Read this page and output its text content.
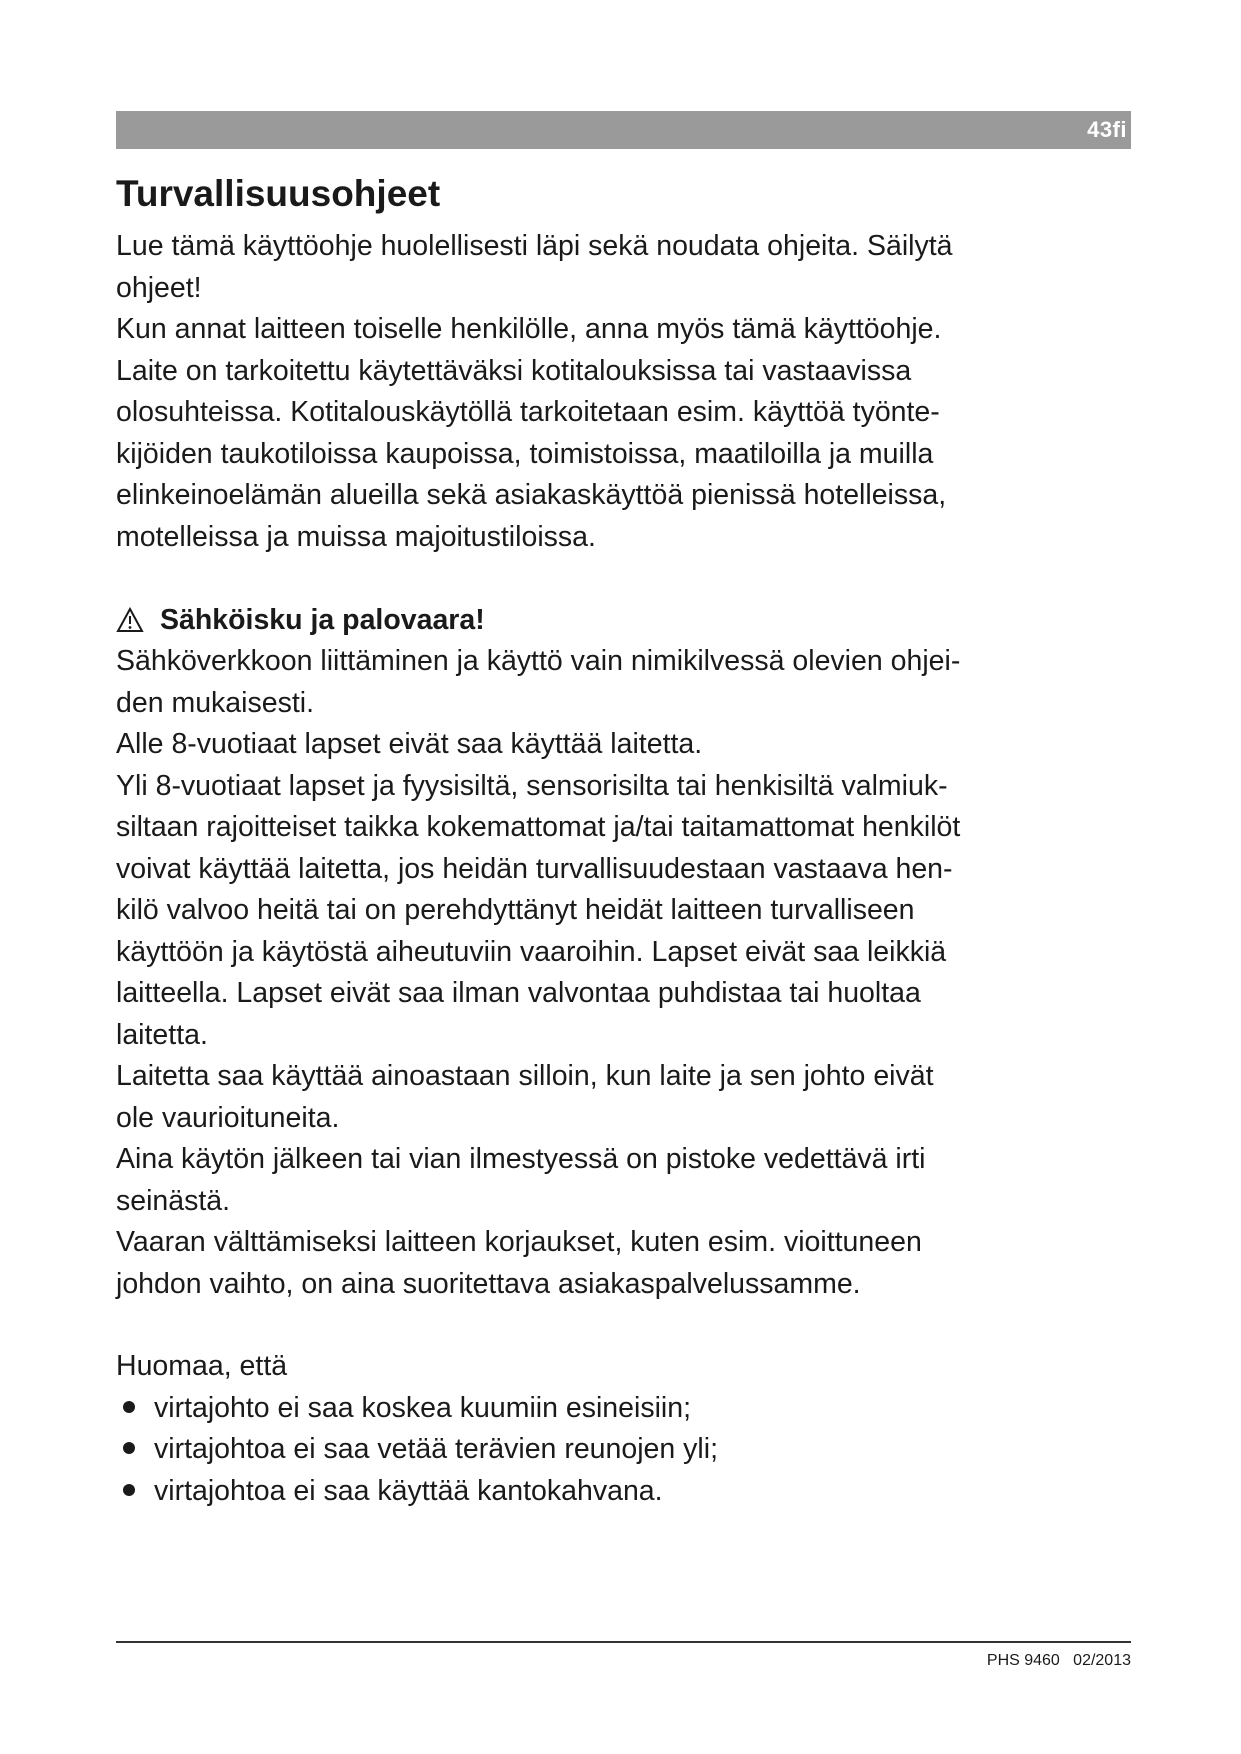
43fi
Turvallisuusohjeet

Lue tämä käyttöohje huolellisesti läpi sekä noudata ohjeita. Säilytä
ohjeet!

Kun annat laitteen toiselle henkilölle, anna myös tämä käyttöohje.

Laite on tarkoitettu käytettäväksi kotitalouksissa tai vastaavissa
olosuhteissa. Kotitalouskäytöllä tarkoitetaan esim. käyttöä työnte-
kijöiden taukotiloissa kaupoissa, toimistoissa, maatiloilla ja muilla
elinkeinoelämän alueilla sekä asiakaskäyttöä pienissä hotelleissa,
motelleissa ja muissa majoitustiloissa.

Sähköisku ja palovaara!

Sähköverkkoon liittäminen ja käyttö vain nimikilvessä olevien ohjei-
den mukaisesti.

Alle 8-vuotiaat lapset eivät saa käyttää laitetta.

Yli 8-vuotiaat lapset ja fyysisiltä, sensorisilta tai henkisiltä valmiuk-
siltaan rajoitteiset taikka kokemattomat ja/tai taitamattomat henkilöt
voivat käyttää laitetta, jos heidän turvallisuudestaan vastaava hen-
kilö valvoo heitä tai on perehdyttänyt heidät laitteen turvalliseen
käyttöön ja käytöstä aiheutuviin vaaroihin. Lapset eivät saa leikkiä
laitteella. Lapset eivät saa ilman valvontaa puhdistaa tai huoltaa
laitetta.

Laitetta saa käyttää ainoastaan silloin, kun laite ja sen johto eivät
ole vaurioituneita.

Aina käytön jälkeen tai vian ilmestyessä on pistoke vedettävä irti
seinästä.

Vaaran välttämiseksi laitteen korjaukset, kuten esim. vioittuneen
johdon vaihto, on aina suoritettava asiakaspalvelussamme.

Huomaa, että

virtajohto ei saa koskea kuumiin esineisiin;
virtajohtoa ei saa vetää terävien reunojen yli;
virtajohtoa ei saa käyttää kantokahvana.
PHS 9460   02/2013
